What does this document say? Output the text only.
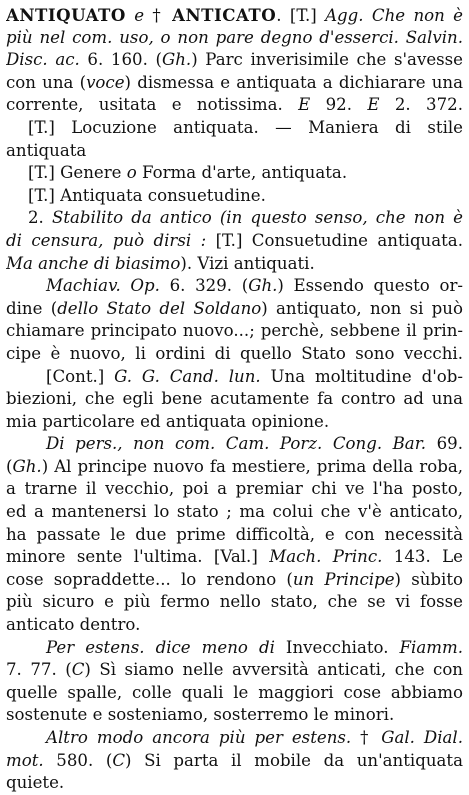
ANTIQUATO e † ANTICATO. [T.] Agg. Che non è
più nel com. uso, o non pare degno d'esserci. Salvin.
Disc. ac. 6. 160. (Gh.) Parc inverisimile che s'avesse
con una (voce) dismessa e antiquata a dichiarare una
corrente, usitata e notissima. E 92. E 2. 372.
[T.] Locuzione antiquata. — Maniera di stile
antiquata
[T.] Genere o Forma d'arte, antiquata.
[T.] Antiquata consuetudine.
2. Stabilito da antico (in questo senso, che non è
di censura, può dirsi : [T.] Consuetudine antiquata.
Ma anche di biasimo). Vizi antiquati.
Machiav. Op. 6. 329. (Gh.) Essendo questo or-
dine (dello Stato del Soldano) antiquato, non si può
chiamare principato nuovo...; perchè, sebbene il prin-
cipe è nuovo, li ordini di quello Stato sono vecchi.
[Cont.] G. G. Cand. lun. Una moltitudine d'ob-
biezioni, che egli bene acutamente fa contro ad una
mia particolare ed antiquata opinione.
Di pers., non com. Cam. Porz. Cong. Bar. 69.
(Gh.) Al principe nuovo fa mestiere, prima della roba,
a trarne il vecchio, poi a premiar chi ve l'ha posto,
ed a mantenersi lo stato ; ma colui che v'è anticato,
ha passate le due prime difficoltà, e con necessità
minore sente l'ultima. [Val.] Mach. Princ. 143. Le
cose sopraddette... lo rendono (un Principe) sùbito
più sicuro e più fermo nello stato, che se vi fosse
anticato dentro.
Per estens. dice meno di Invecchiato. Fiamm.
7. 77. (C) Sì siamo nelle avversità anticati, che con
quelle spalle, colle quali le maggiori cose abbiamo
sostenute e sosteniamo, sosterremo le minori.
Altro modo ancora più per estens. † Gal. Dial.
mot. 580. (C) Si parta il mobile da un'antiquata
quiete.
